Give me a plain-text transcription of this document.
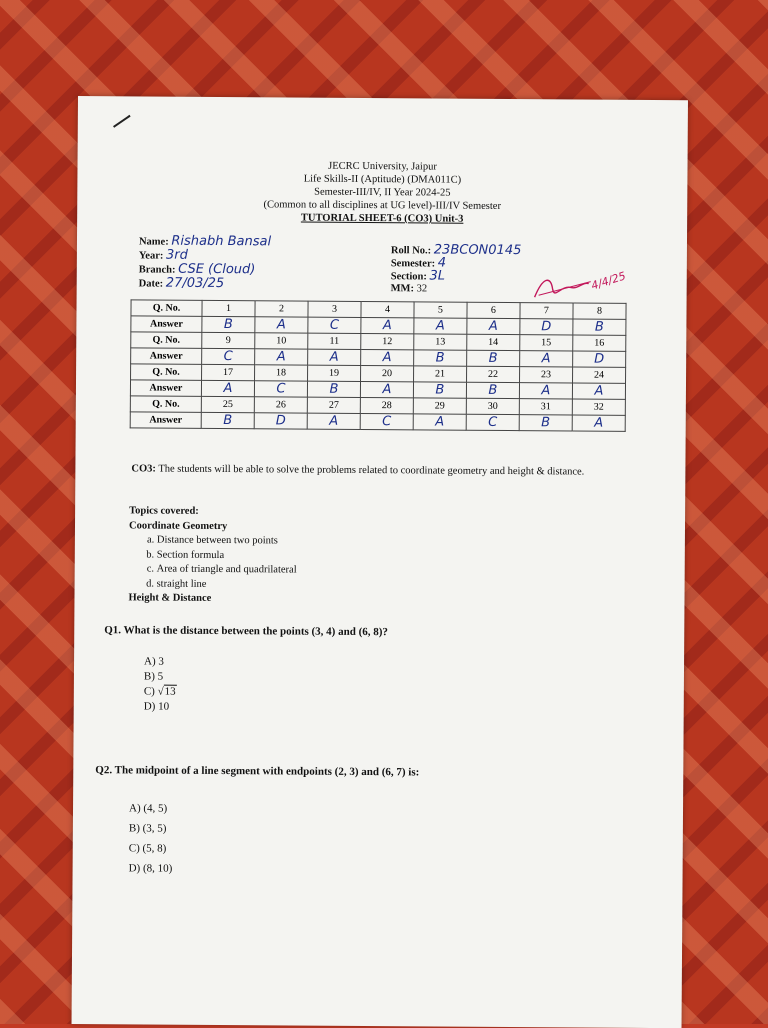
JECRC University, Jaipur
Life Skills-II (Aptitude) (DMA011C)
Semester-III/IV, II Year 2024-25
(Common to all disciplines at UG level)-III/IV Semester
TUTORIAL SHEET-6 (CO3) Unit-3
Name: Rishabh Bansal
Year: 3rd
Branch: CSE (Cloud)
Date: 27/03/25
Roll No.: 23BCON0145
Semester: 4
Section: 3L
MM: 32	4/4/25
Q. No.	1	2	3	4	5	6	7	8
Answer	B	A	C	A	A	A	D	B
Q. No.	9	10	11	12	13	14	15	16
Answer	C	A	A	A	B	B	A	D
Q. No.	17	18	19	20	21	22	23	24
Answer	A	C	B	A	B	B	A	A
Q. No.	25	26	27	28	29	30	31	32
Answer	B	D	A	C	A	C	B	A
CO3: The students will be able to solve the problems related to coordinate geometry and height & distance.
Topics covered:
Coordinate Geometry
a. Distance between two points
b. Section formula
c. Area of triangle and quadrilateral
d. straight line
Height & Distance
Q1. What is the distance between the points (3, 4) and (6, 8)?
A) 3
B) 5
C) √13
D) 10
Q2. The midpoint of a line segment with endpoints (2, 3) and (6, 7) is:
A) (4, 5)
B) (3, 5)
C) (5, 8)
D) (8, 10)
